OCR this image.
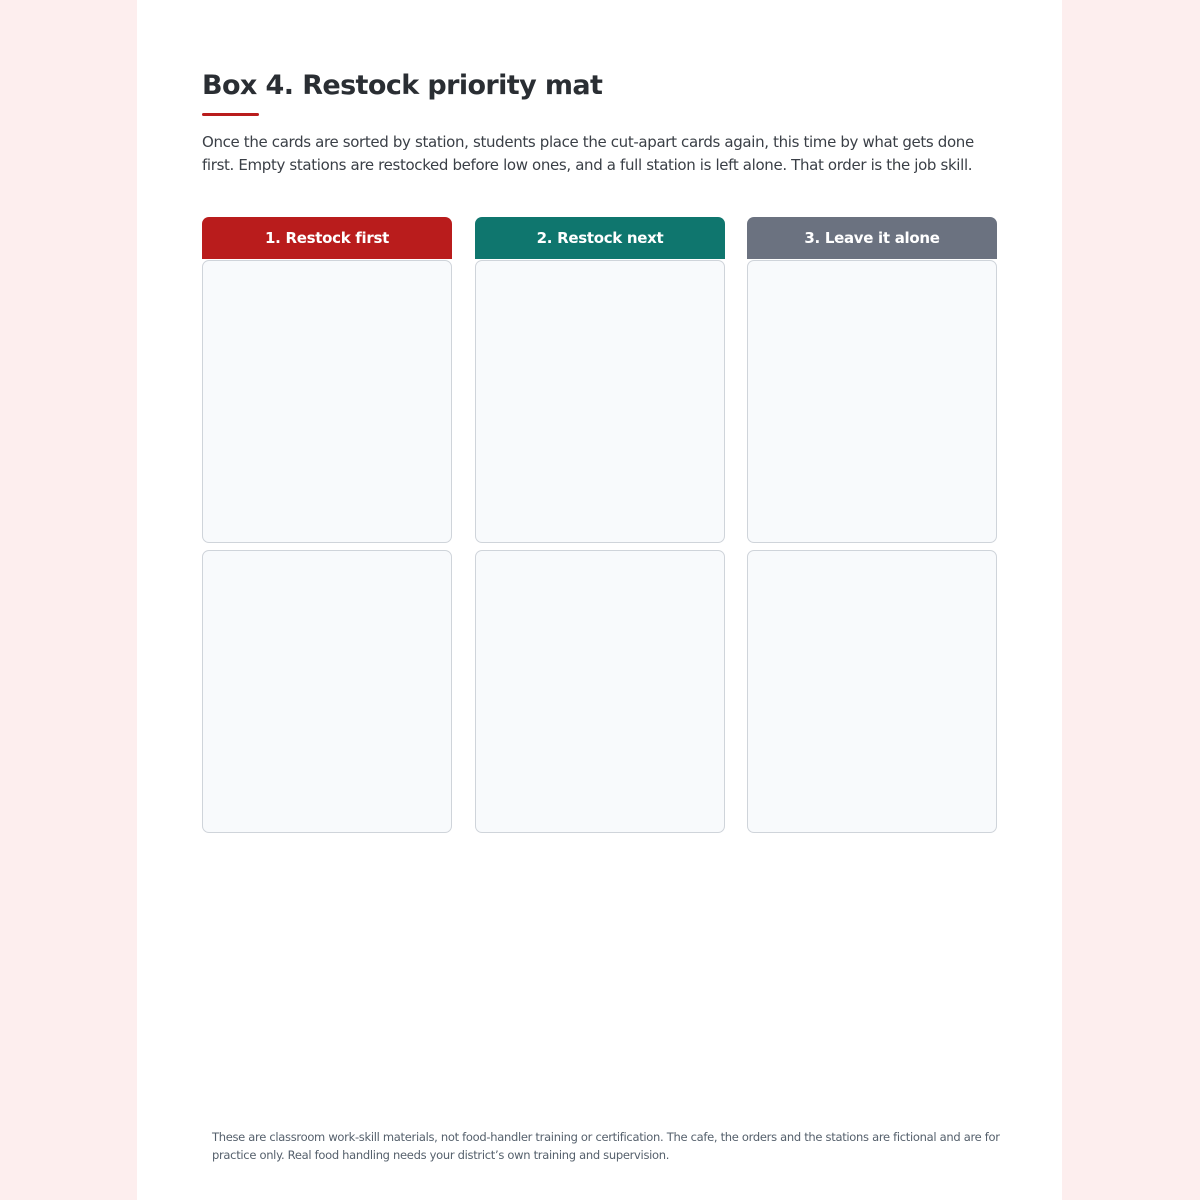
Box 4. Restock priority mat

Once the cards are sorted by station, students place the cut-apart cards again, this time by what gets done first. Empty stations are restocked before low ones, and a full station is left alone. That order is the job skill.

1. Restock first	2. Restock next	3. Leave it alone

These are classroom work-skill materials, not food-handler training or certification. The cafe, the orders and the stations are fictional and are for practice only. Real food handling needs your district’s own training and supervision.
